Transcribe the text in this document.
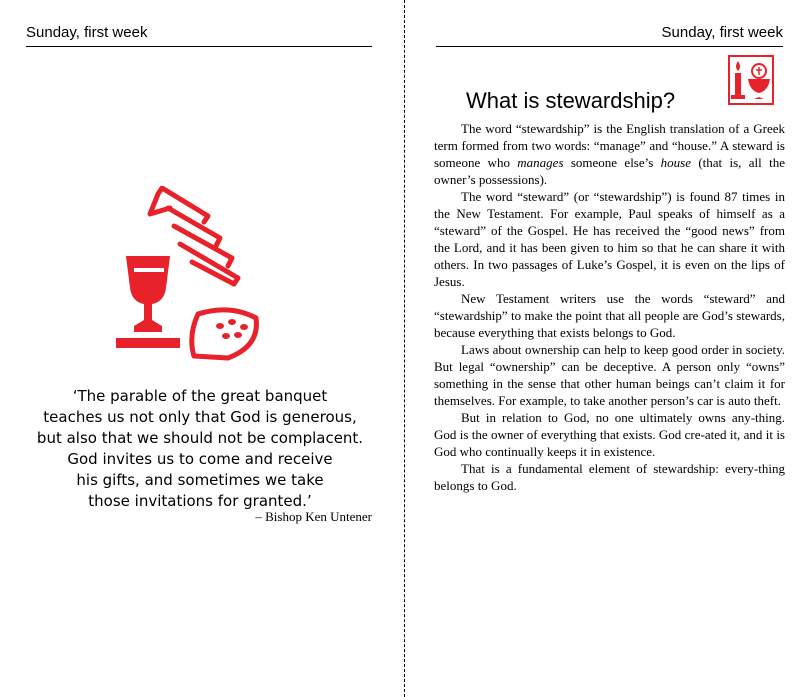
Sunday, first week
‘The parable of the great banquet
teaches us not only that God is generous,
but also that we should not be complacent.
God invites us to come and receive
his gifts, and sometimes we take
those invitations for granted.’
– Bishop Ken Untener
Sunday, first week
What is stewardship?

The word “stewardship” is the English translation of a Greek term formed from two words: “manage” and “house.” A steward is someone who manages someone else’s house (that is, all the owner’s possessions).

The word “steward” (or “stewardship”) is found 87 times in the New Testament. For example, Paul speaks of himself as a “steward” of the Gospel. He has received the “good news” from the Lord, and it has been given to him so that he can share it with others. In two passages of Luke’s Gospel, it is even on the lips of Jesus.

New Testament writers use the words “steward” and “stewardship” to make the point that all people are God’s stewards, because everything that exists belongs to God.

Laws about ownership can help to keep good order in society. But legal “ownership” can be deceptive. A person only “owns” something in the sense that other human beings can’t claim it for themselves. For example, to take another person’s car is auto theft.

But in relation to God, no one ultimately owns any-thing. God is the owner of everything that exists. God cre-ated it, and it is God who continually keeps it in existence.

That is a fundamental element of stewardship: every-thing belongs to God.
